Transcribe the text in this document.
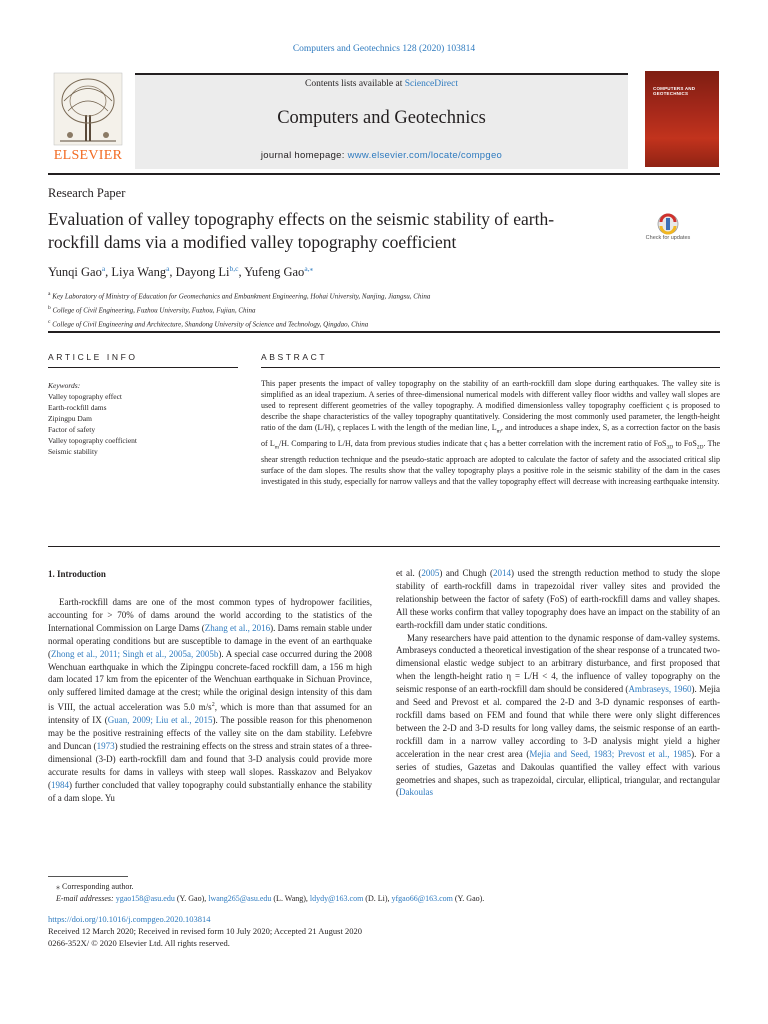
Computers and Geotechnics 128 (2020) 103814
ELSEVIER
Contents lists available at ScienceDirect
Computers and Geotechnics
journal homepage: www.elsevier.com/locate/compgeo
COMPUTERS AND GEOTECHNICS
Research Paper
Evaluation of valley topography effects on the seismic stability of earth-
rockfill dams via a modified valley topography coefficient	Check for updates
Yunqi Gao$^a$, Liya Wang$^a$, Dayong Li$^{b,c}$, Yufeng Gao$^{a,⁎}$
$^a$ Key Laboratory of Ministry of Education for Geomechanics and Embankment Engineering, Hohai University, Nanjing, Jiangsu, China
$^b$ College of Civil Engineering, Fuzhou University, Fuzhou, Fujian, China
$^c$ College of Civil Engineering and Architecture, Shandong University of Science and Technology, Qingdao, China
ARTICLE INFO	ABSTRACT
Keywords:
Valley topography effect
Earth-rockfill dams
Zipingpu Dam
Factor of safety
Valley topography coefficient
Seismic stability
This paper presents the impact of valley topography on the stability of an earth-rockfill dam slope during earthquakes. The valley site is simplified as an ideal trapezium. A series of three-dimensional numerical models with different valley floor widths and valley wall slopes are used to represent different geometries of the valley topography. A modified dimensionless valley topography coefficient ς is proposed to describe the shape characteristics of the valley topography quantitatively. Considering the most commonly used parameter, the length-height ratio of the dam (L/H), ς replaces L with the length of the median line, $L_m$, and introduces a shape index, S, as a correction factor on the basis of $L_m/H$. Comparing to L/H, data from previous studies indicate that ς has a better correlation with the increment ratio of FoS$_{3D}$ to FoS$_{2D}$. The shear strength reduction technique and the pseudo-static approach are adopted to calculate the factor of safety and the associated critical slip surface of the dam slopes. The results show that the valley topography plays a positive role in the seismic stability of the dam in the cases investigated in this study, especially for narrow valleys and that the valley topography effect will decrease with increasing earthquake intensity.
1. Introduction

Earth-rockfill dams are one of the most common types of hydropower facilities, accounting for > 70% of dams around the world according to the statistics of the International Commission on Large Dams (Zhang et al., 2016). Dams remain stable under normal operating conditions but are susceptible to damage in the event of an earthquake (Zhong et al., 2011; Singh et al., 2005a, 2005b). A special case occurred during the 2008 Wenchuan earthquake in which the Zipingpu concrete-faced rockfill dam, a 156 m high dam located 17 km from the epicenter of the Wenchuan earthquake in Sichuan Province, only suffered limited damage at the crest; while the original design intensity of this dam is VIII, the actual acceleration was 5.0 $m/s^2$, which is more than that assumed for an intensity of IX (Guan, 2009; Liu et al., 2015). The possible reason for this phenomenon may be the positive restraining effects of the valley site on the dam stability. Lefebvre and Duncan (1973) studied the restraining effects on the stress and strain states of a three-dimensional (3-D) earth-rockfill dam and found that 3-D analysis could provide more accurate results for dams in valleys with steep wall slopes. Rasskazov and Belyakov (1984) further concluded that valley topography could substantially enhance the stability of a dam slope. Yu

et al. (2005) and Chugh (2014) used the strength reduction method to study the slope stability of earth-rockfill dams in trapezoidal river valley sites and provided the relationship between the factor of safety (FoS) of earth-rockfill dams and valley shapes. All these works confirm that valley topography does have an impact on the stability of an earth-rockfill dam under static conditions.

Many researchers have paid attention to the dynamic response of dam-valley systems. Ambraseys conducted a theoretical investigation of the shear response of a truncated two-dimensional elastic wedge subject to an arbitrary disturbance, and first proposed that when the length-height ratio η = L/H < 4, the influence of valley topography on the seismic response of an earth-rockfill dam should be considered (Ambraseys, 1960). Mejia and Seed and Prevost et al. compared the 2-D and 3-D dynamic responses of earth-rockfill dams based on FEM and found that while there were only slight differences between the 2-D and 3-D results for long valley dams, the seismic response of an earth-rockfill dam in a narrow valley according to 3-D analysis might yield a higher acceleration in the near crest area (Mejia and Seed, 1983; Prevost et al., 1985). For a series of studies, Gazetas and Dakoulas quantified the valley effect with various geometries and shapes, such as trapezoidal, circular, elliptical, triangular, and rectangular (Dakoulas

⁎ Corresponding author.
E-mail addresses: ygao158@asu.edu (Y. Gao), lwang265@asu.edu (L. Wang), ldydy@163.com (D. Li), yfgao66@163.com (Y. Gao).
https://doi.org/10.1016/j.compgeo.2020.103814
Received 12 March 2020; Received in revised form 10 July 2020; Accepted 21 August 2020
0266-352X/ © 2020 Elsevier Ltd. All rights reserved.
